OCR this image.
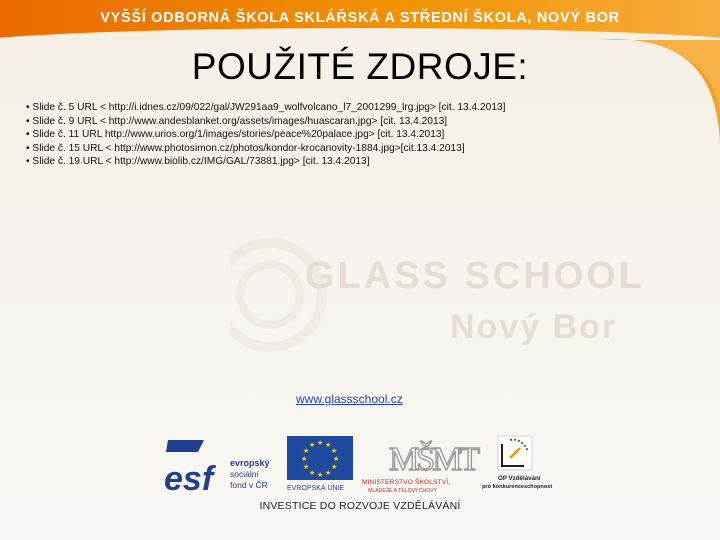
VYŠŠÍ ODBORNÁ ŠKOLA SKLÁŘSKÁ A STŘEDNÍ ŠKOLA, NOVÝ BOR
POUŽITÉ ZDROJE:
• Slide č. 5 URL < http://i.idnes.cz/09/022/gal/JW291aa9_wolfvolcano_l7_2001299_lrg.jpg> [cit. 13.4.2013]
• Slide č. 9 URL < http://www.andesblanket.org/assets/images/huascaran.jpg> [cit. 13.4.2013]
• Slide č. 11 URL http://www.urios.org/1/images/stories/peace%20palace.jpg> [cit. 13.4.2013]
• Slide č. 15 URL < http://www.photosimon.cz/photos/kondor-krocanovity-1884.jpg>[cit.13.4.2013]
• Slide č. 19 URL < http://www.biolib.cz/IMG/GAL/73881.jpg> [cit. 13.4.2013]
GLASS SCHOOL
Nový Bor
www.glassschool.cz
esf	evropský
sociální
fond v ČR
★ ★
★
★
★
★
★
★
★
★
★
★
EVROPSKÁ UNIE
MŠMT
MINISTERSTVO ŠKOLSTVÍ,
MLÁDEŽE A TĚLOVÝCHOVY
OP Vzdělávání
pro konkurenceschopnost
INVESTICE DO ROZVOJE VZDĚLÁVÁNÍ
